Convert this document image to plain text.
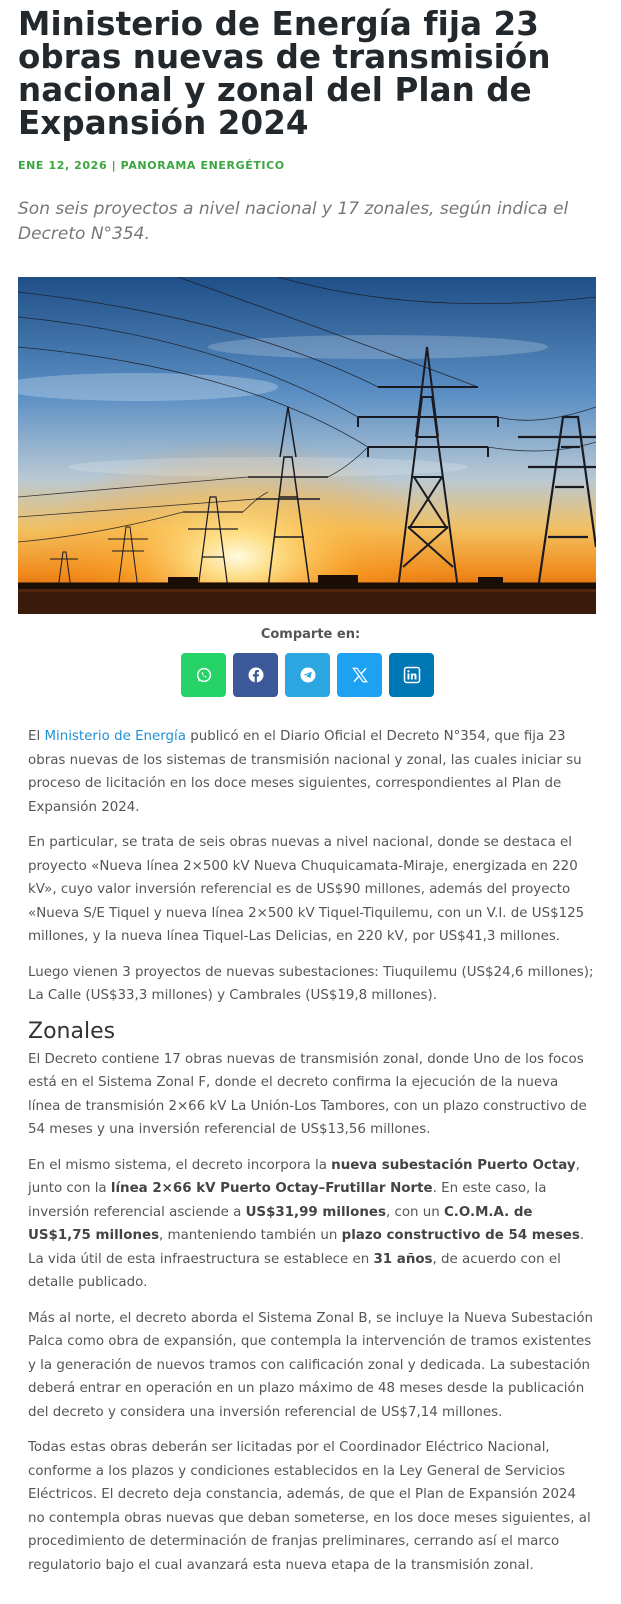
Ministerio de Energía fija 23 obras nuevas de transmisión nacional y zonal del Plan de Expansión 2024
ENE 12, 2026 | PANORAMA ENERGÉTICO
Son seis proyectos a nivel nacional y 17 zonales, según indica el Decreto N°354.
Comparte en:

El Ministerio de Energía publicó en el Diario Oficial el Decreto N°354, que fija 23 obras nuevas de los sistemas de transmisión nacional y zonal, las cuales iniciar su proceso de licitación en los doce meses siguientes, correspondientes al Plan de Expansión 2024.

En particular, se trata de seis obras nuevas a nivel nacional, donde se destaca el proyecto «Nueva línea 2×500 kV Nueva Chuquicamata-Miraje, energizada en 220 kV», cuyo valor inversión referencial es de US$90 millones, además del proyecto «Nueva S/E Tiquel y nueva línea 2×500 kV Tiquel-Tiquilemu, con un V.I. de US$125 millones, y la nueva línea Tiquel-Las Delicias, en 220 kV, por US$41,3 millones.

Luego vienen 3 proyectos de nuevas subestaciones: Tiuquilemu (US$24,6 millones); La Calle (US$33,3 millones) y Cambrales (US$19,8 millones).

Zonales

El Decreto contiene 17 obras nuevas de transmisión zonal, donde Uno de los focos está en el Sistema Zonal F, donde el decreto confirma la ejecución de la nueva línea de transmisión 2×66 kV La Unión-Los Tambores, con un plazo constructivo de 54 meses y una inversión referencial de US$13,56 millones.

En el mismo sistema, el decreto incorpora la nueva subestación Puerto Octay, junto con la línea 2×66 kV Puerto Octay–Frutillar Norte. En este caso, la inversión referencial asciende a US$31,99 millones, con un C.O.M.A. de US$1,75 millones, manteniendo también un plazo constructivo de 54 meses. La vida útil de esta infraestructura se establece en 31 años, de acuerdo con el detalle publicado.

Más al norte, el decreto aborda el Sistema Zonal B, se incluye la Nueva Subestación Palca como obra de expansión, que contempla la intervención de tramos existentes y la generación de nuevos tramos con calificación zonal y dedicada. La subestación deberá entrar en operación en un plazo máximo de 48 meses desde la publicación del decreto y considera una inversión referencial de US$7,14 millones.

Todas estas obras deberán ser licitadas por el Coordinador Eléctrico Nacional, conforme a los plazos y condiciones establecidos en la Ley General de Servicios Eléctricos. El decreto deja constancia, además, de que el Plan de Expansión 2024 no contempla obras nuevas que deban someterse, en los doce meses siguientes, al procedimiento de determinación de franjas preliminares, cerrando así el marco regulatorio bajo el cual avanzará esta nueva etapa de la transmisión zonal.
